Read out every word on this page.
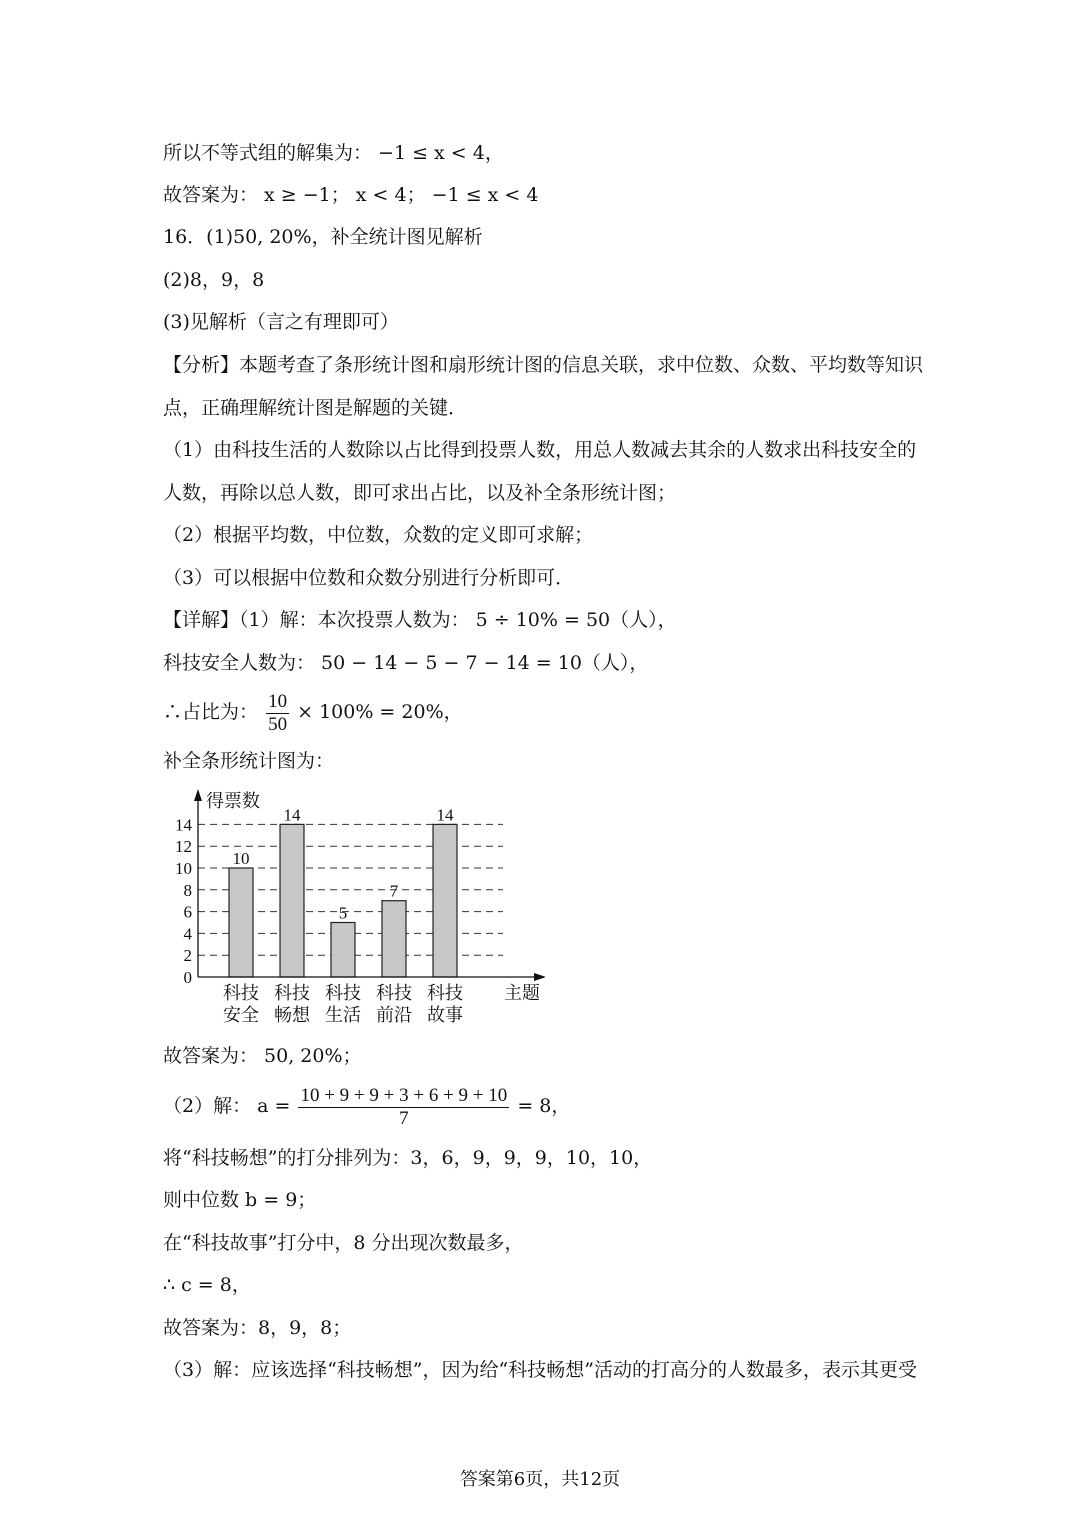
所以不等式组的解集为： −1 ≤ x < 4，
故答案为： x ≥ −1； x < 4； −1 ≤ x < 4
16．(1)50, 20%，补全统计图见解析
(2)8，9，8
(3)见解析（言之有理即可）
【分析】本题考查了条形统计图和扇形统计图的信息关联，求中位数、众数、平均数等知识
点，正确理解统计图是解题的关键．
（1）由科技生活的人数除以占比得到投票人数，用总人数减去其余的人数求出科技安全的
人数，再除以总人数，即可求出占比，以及补全条形统计图；
（2）根据平均数，中位数，众数的定义即可求解；
（3）可以根据中位数和众数分别进行分析即可．
【详解】（1）解：本次投票人数为： 5 ÷ 10% = 50（人），
科技安全人数为： 50 − 14 − 5 − 7 − 14 = 10（人），
∴占比为： $\frac{10}{50} \times 100\% = 20\%$，
补全条形统计图为：
0
2
4
6
8
10
12
14
10
科技
安全
14
科技
畅想
5
科技
生活
7
科技
前沿
14
科技
故事
得票数
主题
故答案为： 50, 20%；
（2）解： $a = \frac{10 + 9 + 9 + 3 + 6 + 9 + 10}{7} = 8$，
将“科技畅想”的打分排列为：3，6，9，9，9，10，10，
则中位数 b = 9；
在“科技故事”打分中，8 分出现次数最多，
∴ c = 8，
故答案为：8，9，8；
（3）解：应该选择“科技畅想”，因为给“科技畅想”活动的打高分的人数最多，表示其更受
答案第6页，共12页
